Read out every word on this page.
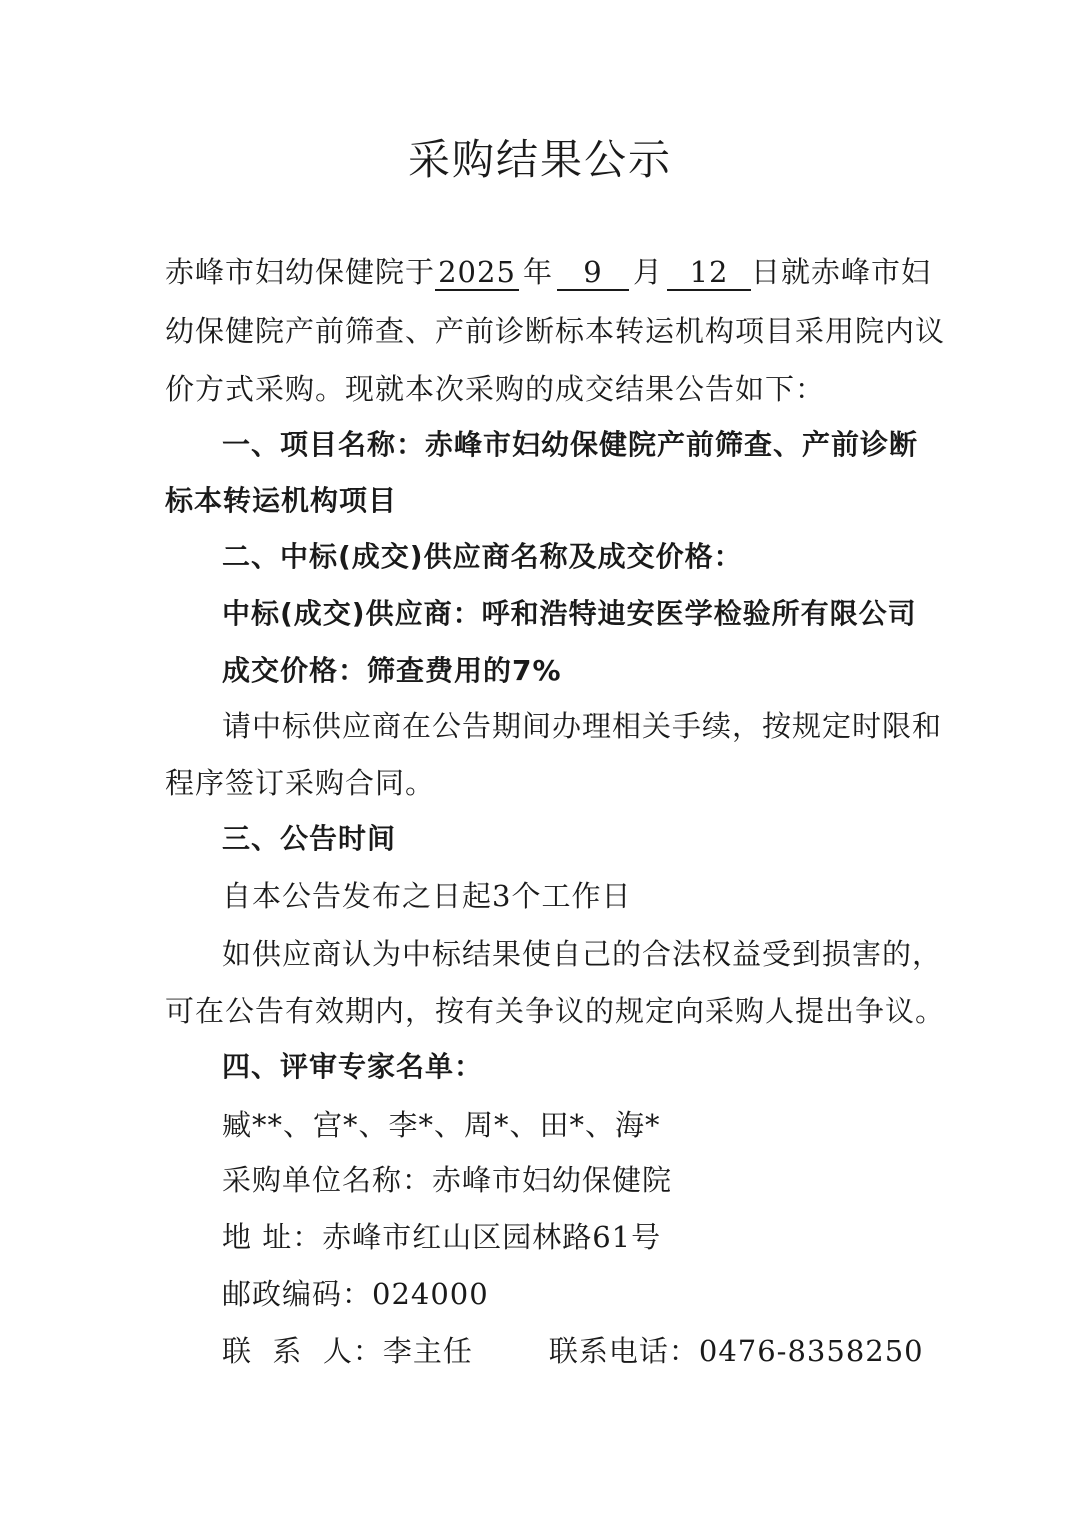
采购结果公示
赤峰市妇幼保健院于 2025 年 9 月 12 日就赤峰市妇
幼保健院产前筛查、产前诊断标本转运机构项目采用院内议
价方式采购。现就本次采购的成交结果公告如下：
一、项目名称：赤峰市妇幼保健院产前筛查、产前诊断
标本转运机构项目
二、中标(成交)供应商名称及成交价格：
中标(成交)供应商：呼和浩特迪安医学检验所有限公司
成交价格：筛查费用的7%
请中标供应商在公告期间办理相关手续，按规定时限和
程序签订采购合同。
三、公告时间
自本公告发布之日起3个工作日
如供应商认为中标结果使自己的合法权益受到损害的，
可在公告有效期内，按有关争议的规定向采购人提出争议。
四、评审专家名单：
臧**、宫*、李*、周*、田*、海*
采购单位名称：赤峰市妇幼保健院
地 址：赤峰市红山区园林路61号
邮政编码：024000
联  系  人：李主任	联系电话：0476-8358250
